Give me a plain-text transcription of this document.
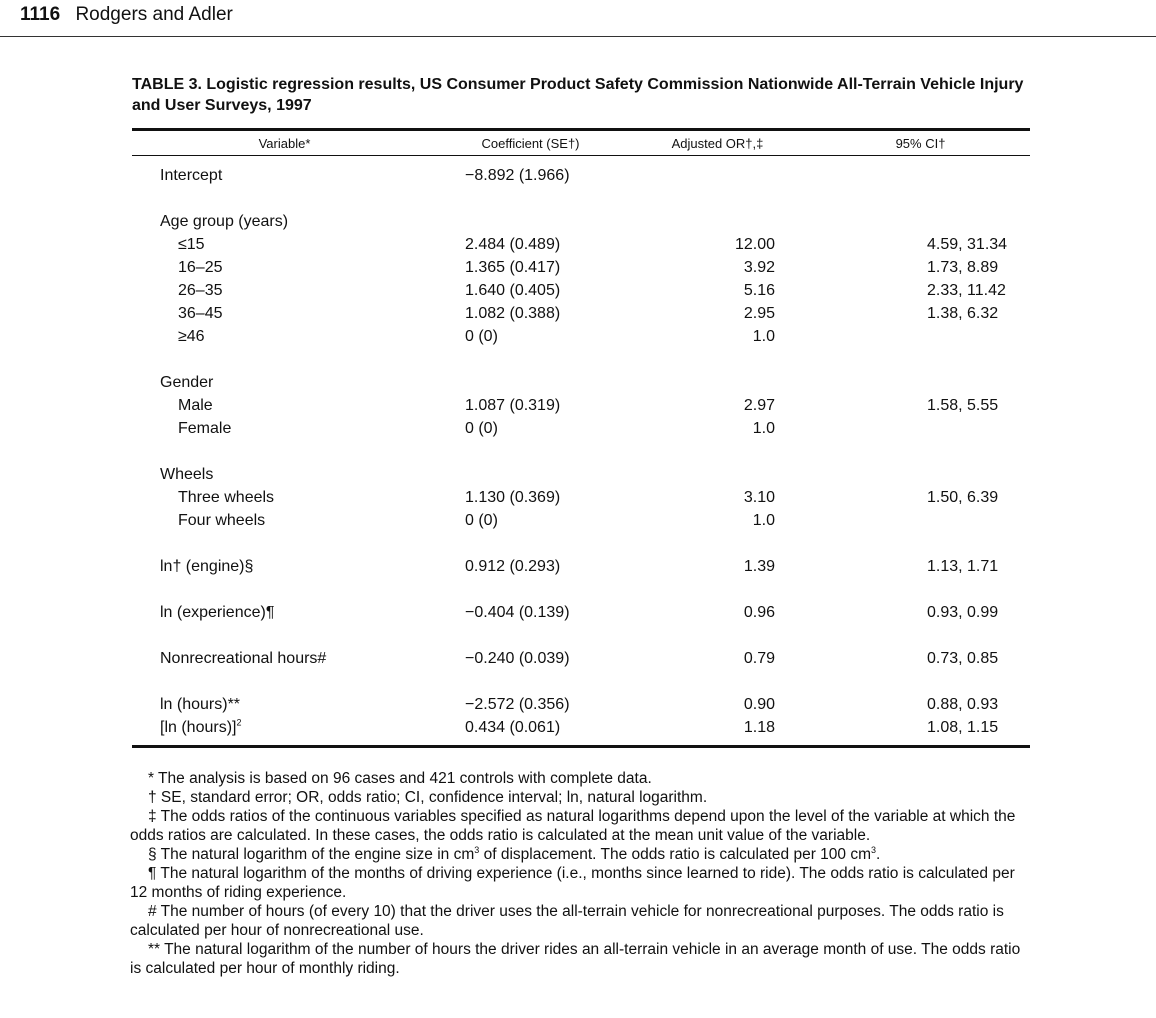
1116 Rodgers and Adler
TABLE 3. Logistic regression results, US Consumer Product Safety Commission Nationwide All-Terrain Vehicle Injury and User Surveys, 1997
Variable*	Coefficient (SE†)	Adjusted OR†,‡	95% CI†
Intercept	−8.892 (1.966)
Age group (years)
≤15	2.484 (0.489)	12.00	4.59, 31.34
16–25	1.365 (0.417)	3.92	1.73, 8.89
26–35	1.640 (0.405)	5.16	2.33, 11.42
36–45	1.082 (0.388)	2.95	1.38, 6.32
≥46	0 (0)	1.0
Gender
Male	1.087 (0.319)	2.97	1.58, 5.55
Female	0 (0)	1.0
Wheels
Three wheels	1.130 (0.369)	3.10	1.50, 6.39
Four wheels	0 (0)	1.0
ln† (engine)§	0.912 (0.293)	1.39	1.13, 1.71
ln (experience)¶	−0.404 (0.139)	0.96	0.93, 0.99
Nonrecreational hours#	−0.240 (0.039)	0.79	0.73, 0.85
ln (hours)**	−2.572 (0.356)	0.90	0.88, 0.93
[ln (hours)]$^2$	0.434 (0.061)	1.18	1.08, 1.15

* The analysis is based on 96 cases and 421 controls with complete data.

† SE, standard error; OR, odds ratio; CI, confidence interval; ln, natural logarithm.

‡ The odds ratios of the continuous variables specified as natural logarithms depend upon the level of the variable at which the odds ratios are calculated. In these cases, the odds ratio is calculated at the mean unit value of the variable.

§ The natural logarithm of the engine size in $cm^3$ of displacement. The odds ratio is calculated per 100 $cm^3$.

¶ The natural logarithm of the months of driving experience (i.e., months since learned to ride). The odds ratio is calculated per 12 months of riding experience.

# The number of hours (of every 10) that the driver uses the all-terrain vehicle for nonrecreational purposes. The odds ratio is calculated per hour of nonrecreational use.

** The natural logarithm of the number of hours the driver rides an all-terrain vehicle in an average month of use. The odds ratio is calculated per hour of monthly riding.
